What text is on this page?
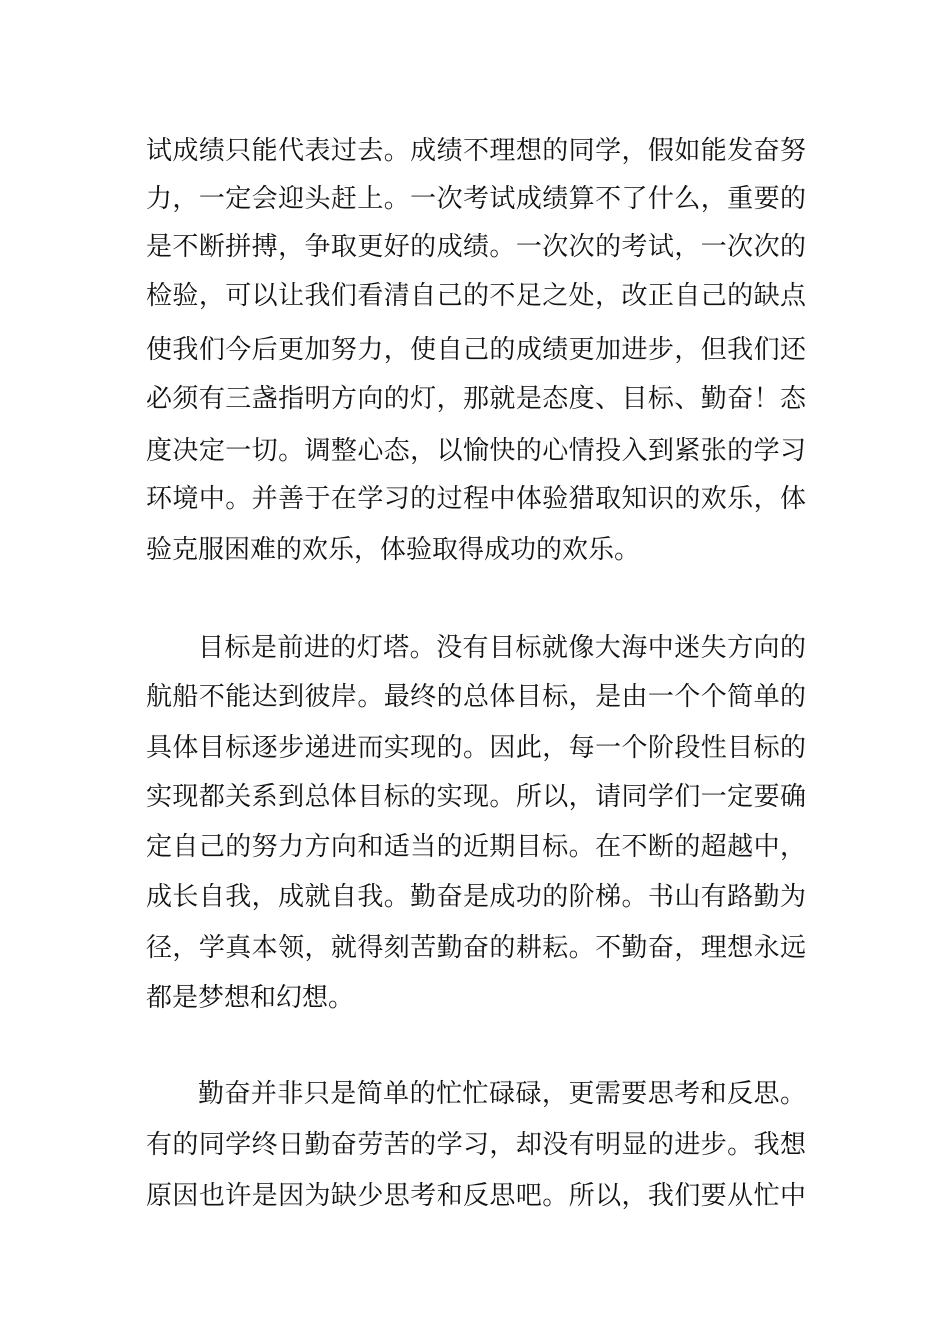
试成绩只能代表过去。成绩不理想的同学，假如能发奋努
力，一定会迎头赶上。一次考试成绩算不了什么，重要的
是不断拼搏，争取更好的成绩。一次次的考试，一次次的
检验，可以让我们看清自己的不足之处，改正自己的缺点
使我们今后更加努力，使自己的成绩更加进步，但我们还
必须有三盏指明方向的灯，那就是态度、目标、勤奋！态
度决定一切。调整心态，以愉快的心情投入到紧张的学习
环境中。并善于在学习的过程中体验猎取知识的欢乐，体
验克服困难的欢乐，体验取得成功的欢乐。
目标是前进的灯塔。没有目标就像大海中迷失方向的
航船不能达到彼岸。最终的总体目标，是由一个个简单的
具体目标逐步递进而实现的。因此，每一个阶段性目标的
实现都关系到总体目标的实现。所以，请同学们一定要确
定自己的努力方向和适当的近期目标。在不断的超越中，
成长自我，成就自我。勤奋是成功的阶梯。书山有路勤为
径，学真本领，就得刻苦勤奋的耕耘。不勤奋，理想永远
都是梦想和幻想。
勤奋并非只是简单的忙忙碌碌，更需要思考和反思。
有的同学终日勤奋劳苦的学习，却没有明显的进步。我想
原因也许是因为缺少思考和反思吧。所以，我们要从忙中
